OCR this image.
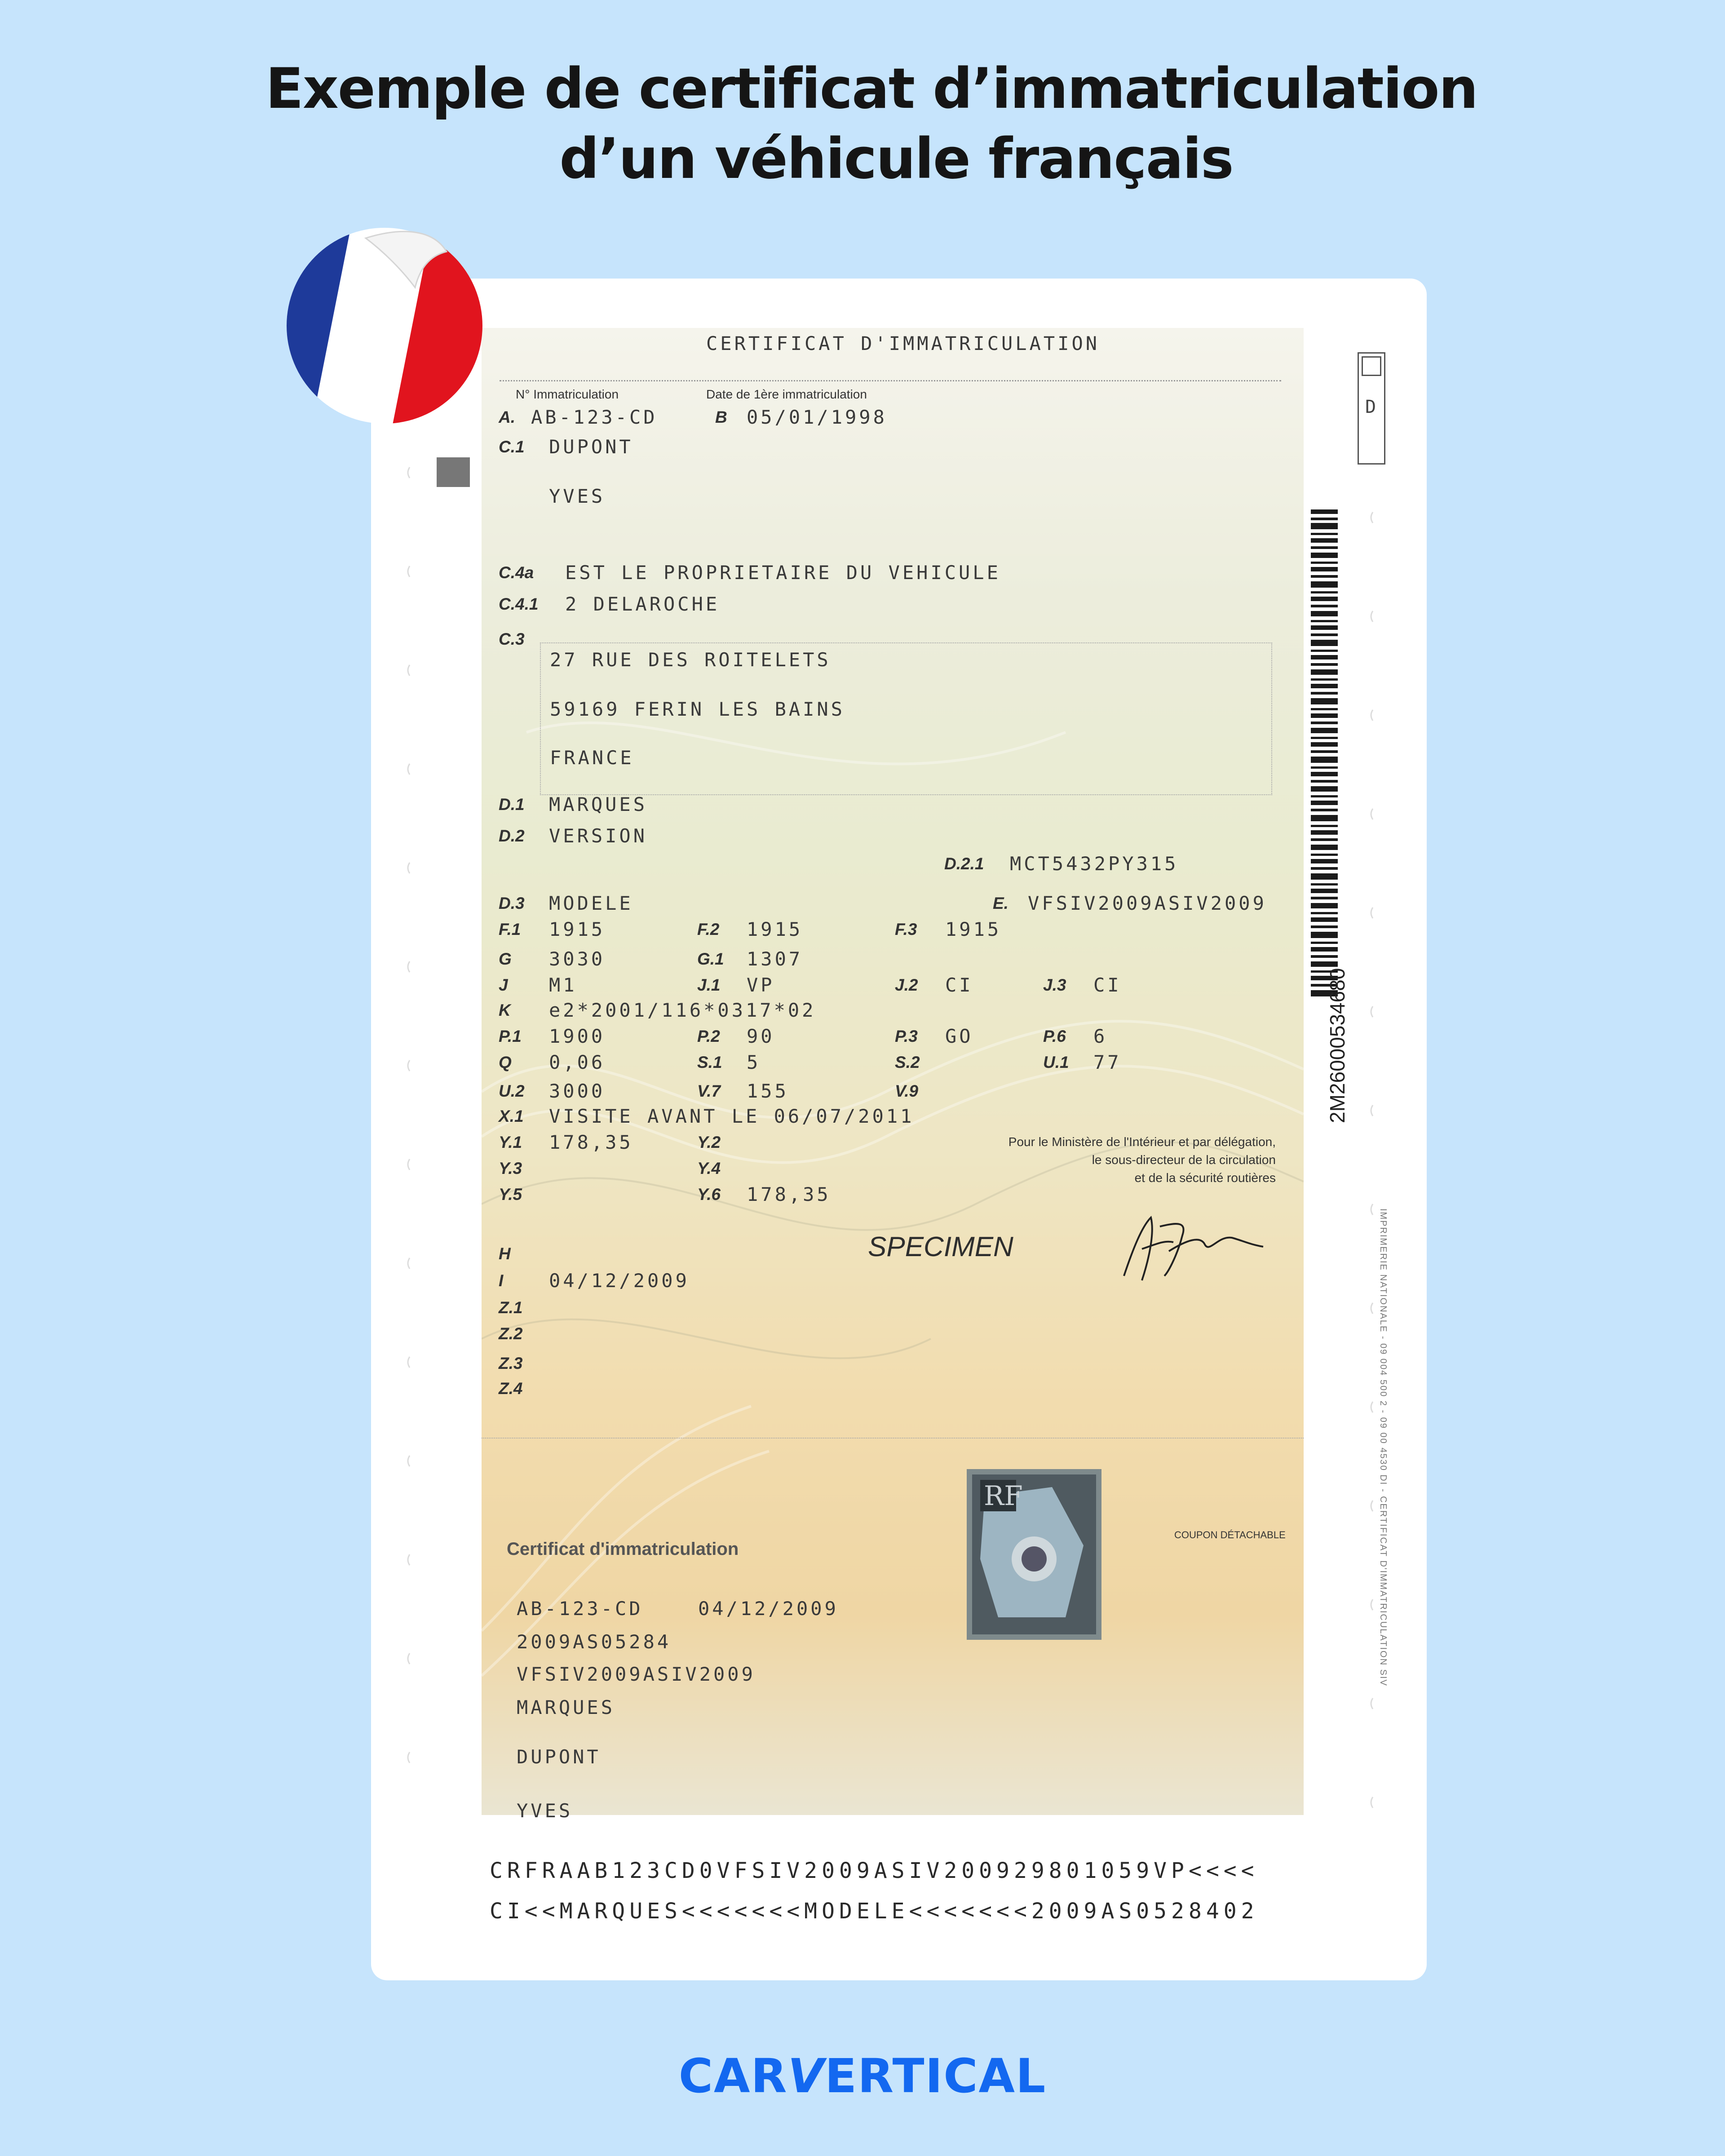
Exemple de certificat d’immatriculation
d’un véhicule français
CERTIFICAT D'IMMATRICULATION
N° Immatriculation	Date de 1ère immatriculation
A. AB-123-CD	B 05/01/1998
C.1 DUPONT
YVES
C.4a EST LE PROPRIETAIRE DU VEHICULE
C.4.1 2 DELAROCHE
C.3
27 RUE DES ROITELETS
59169 FERIN LES BAINS
FRANCE
D.1 MARQUES
D.2 VERSION
D.2.1 MCT5432PY315
D.3 MODELE	E. VFSIV2009ASIV2009
F.1 1915	F.2 1915	F.3 1915
G 3030	G.1 1307
J M1	J.1 VP	J.2 CI	J.3 CI
K e2*2001/116*0317*02
P.1 1900	P.2 90	P.3 GO	P.6 6
Q 0,06	S.1 5	S.2	U.1 77
U.2 3000	V.7 155	V.9
X.1 VISITE AVANT LE 06/07/2011
Y.1 178,35	Y.2
Y.3	Y.4
Y.5	Y.6 178,35
Pour le Ministère de l'Intérieur et par délégation,
le sous-directeur de la circulation
et de la sécurité routières
SPECIMEN
H
I 04/12/2009
Z.1
Z.2
Z.3
Z.4
COUPON DÉTACHABLE
RF
Certificat d'immatriculation
AB-123-CD	04/12/2009
2009AS05284
VFSIV2009ASIV2009
MARQUES
DUPONT
YVES
CRFRAAB123CD0VFSIV2009ASIV200929801059VP<<<<
CI<<MARQUES<<<<<<<MODELE<<<<<<<2009AS0528402
D
2M26000534680
IMPRIMERIE NATIONALE - 09 004 500 2 - 09 00 4530 DI - CERTIFICAT D'IMMATRICULATION SIV
CARVERTICAL
